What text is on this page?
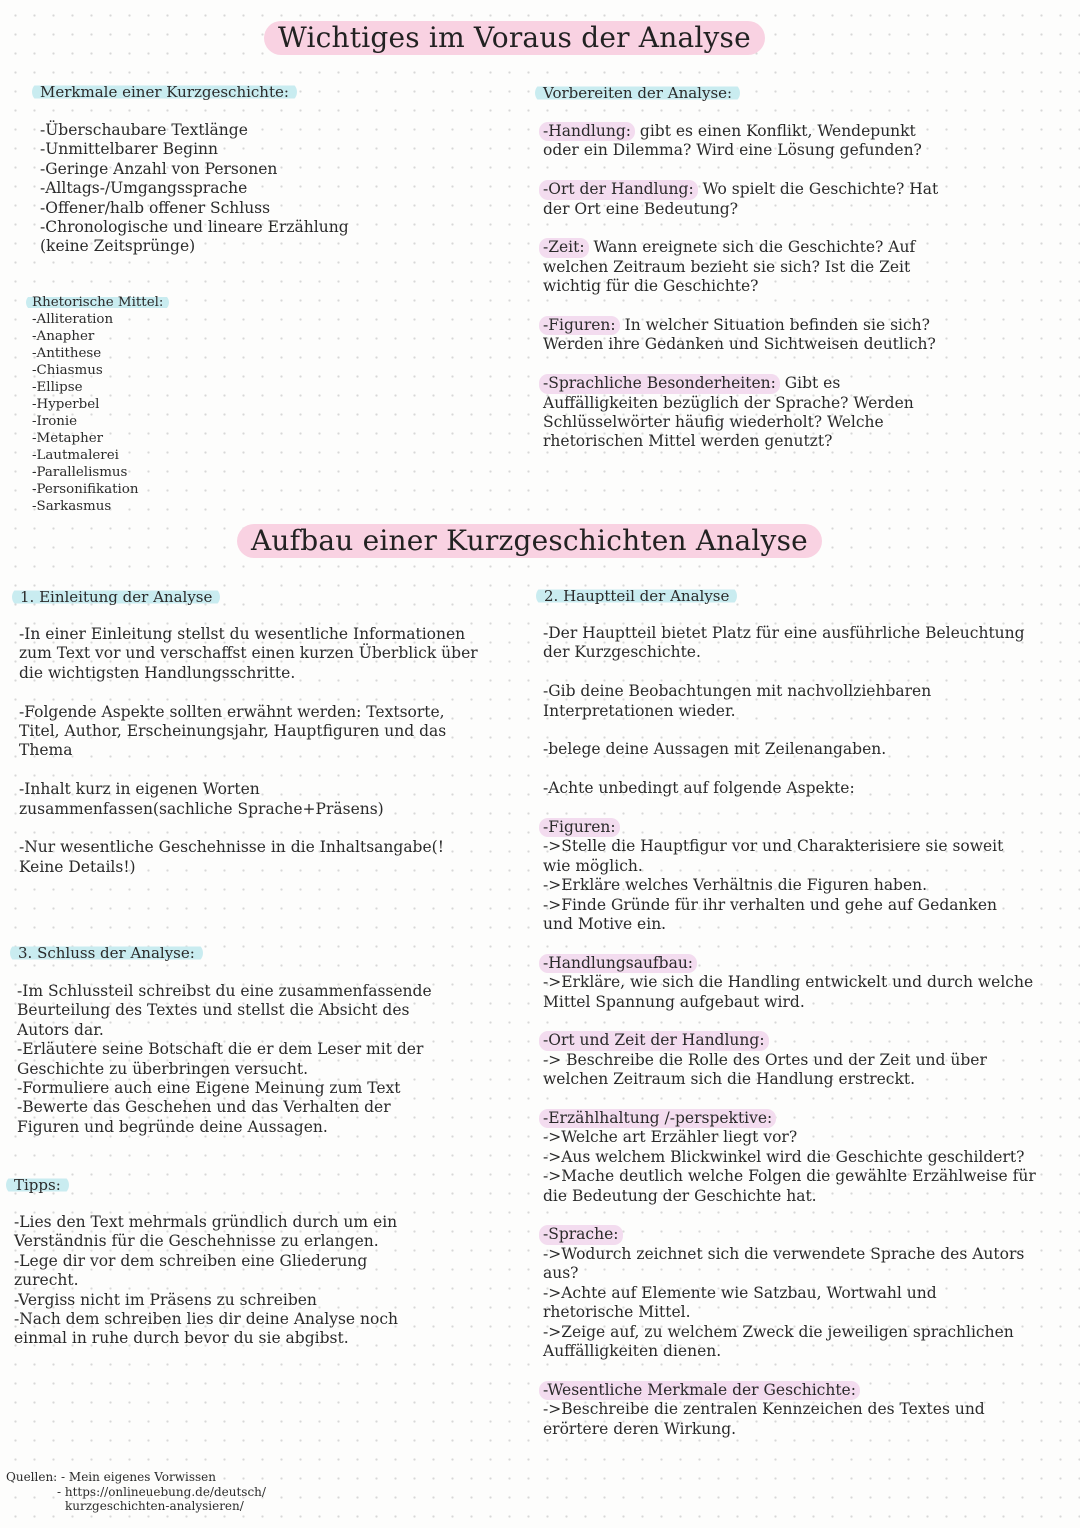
Wichtiges im Voraus der Analyse
Aufbau einer Kurzgeschichten Analyse
Merkmale einer Kurzgeschichte:
-Überschaubare Textlänge
-Unmittelbarer Beginn
-Geringe Anzahl von Personen
-Alltags-/Umgangssprache
-Offener/halb offener Schluss
-Chronologische und lineare Erzählung
(keine Zeitsprünge)
Rhetorische Mittel:
-Alliteration
-Anapher
-Antithese
-Chiasmus
-Ellipse
-Hyperbel
-Ironie
-Metapher
-Lautmalerei
-Parallelismus
-Personifikation
-Sarkasmus
Vorbereiten der Analyse:
-Handlung: gibt es einen Konflikt, Wendepunkt
oder ein Dilemma? Wird eine Lösung gefunden?
-Ort der Handlung: Wo spielt die Geschichte? Hat
der Ort eine Bedeutung?
-Zeit: Wann ereignete sich die Geschichte? Auf
welchen Zeitraum bezieht sie sich? Ist die Zeit
wichtig für die Geschichte?
-Figuren: In welcher Situation befinden sie sich?
Werden ihre Gedanken und Sichtweisen deutlich?
-Sprachliche Besonderheiten: Gibt es
Auffälligkeiten bezüglich der Sprache? Werden
Schlüsselwörter häufig wiederholt? Welche
rhetorischen Mittel werden genutzt?
1. Einleitung der Analyse
-In einer Einleitung stellst du wesentliche Informationen
zum Text vor und verschaffst einen kurzen Überblick über
die wichtigsten Handlungsschritte.
-Folgende Aspekte sollten erwähnt werden: Textsorte,
Titel, Author, Erscheinungsjahr, Hauptfiguren und das
Thema
-Inhalt kurz in eigenen Worten
zusammenfassen(sachliche Sprache+Präsens)
-Nur wesentliche Geschehnisse in die Inhaltsangabe(!
Keine Details!)
3. Schluss der Analyse:
-Im Schlussteil schreibst du eine zusammenfassende
Beurteilung des Textes und stellst die Absicht des
Autors dar.
-Erläutere seine Botschaft die er dem Leser mit der
Geschichte zu überbringen versucht.
-Formuliere auch eine Eigene Meinung zum Text
-Bewerte das Geschehen und das Verhalten der
Figuren und begründe deine Aussagen.
Tipps:
-Lies den Text mehrmals gründlich durch um ein
Verständnis für die Geschehnisse zu erlangen.
-Lege dir vor dem schreiben eine Gliederung
zurecht.
-Vergiss nicht im Präsens zu schreiben
-Nach dem schreiben lies dir deine Analyse noch
einmal in ruhe durch bevor du sie abgibst.
2. Hauptteil der Analyse
-Der Hauptteil bietet Platz für eine ausführliche Beleuchtung
der Kurzgeschichte.
-Gib deine Beobachtungen mit nachvollziehbaren
Interpretationen wieder.
-belege deine Aussagen mit Zeilenangaben.
-Achte unbedingt auf folgende Aspekte:
-Figuren:
->Stelle die Hauptfigur vor und Charakterisiere sie soweit
wie möglich.
->Erkläre welches Verhältnis die Figuren haben.
->Finde Gründe für ihr verhalten und gehe auf Gedanken
und Motive ein.
-Handlungsaufbau:
->Erkläre, wie sich die Handling entwickelt und durch welche
Mittel Spannung aufgebaut wird.
-Ort und Zeit der Handlung:
-> Beschreibe die Rolle des Ortes und der Zeit und über
welchen Zeitraum sich die Handlung erstreckt.
-Erzählhaltung /-perspektive:
->Welche art Erzähler liegt vor?
->Aus welchem Blickwinkel wird die Geschichte geschildert?
->Mache deutlich welche Folgen die gewählte Erzählweise für
die Bedeutung der Geschichte hat.
-Sprache:
->Wodurch zeichnet sich die verwendete Sprache des Autors
aus?
->Achte auf Elemente wie Satzbau, Wortwahl und
rhetorische Mittel.
->Zeige auf, zu welchem Zweck die jeweiligen sprachlichen
Auffälligkeiten dienen.
-Wesentliche Merkmale der Geschichte:
->Beschreibe die zentralen Kennzeichen des Textes und
erörtere deren Wirkung.
Quellen: - Mein eigenes Vorwissen
- https://onlineuebung.de/deutsch/
kurzgeschichten-analysieren/
